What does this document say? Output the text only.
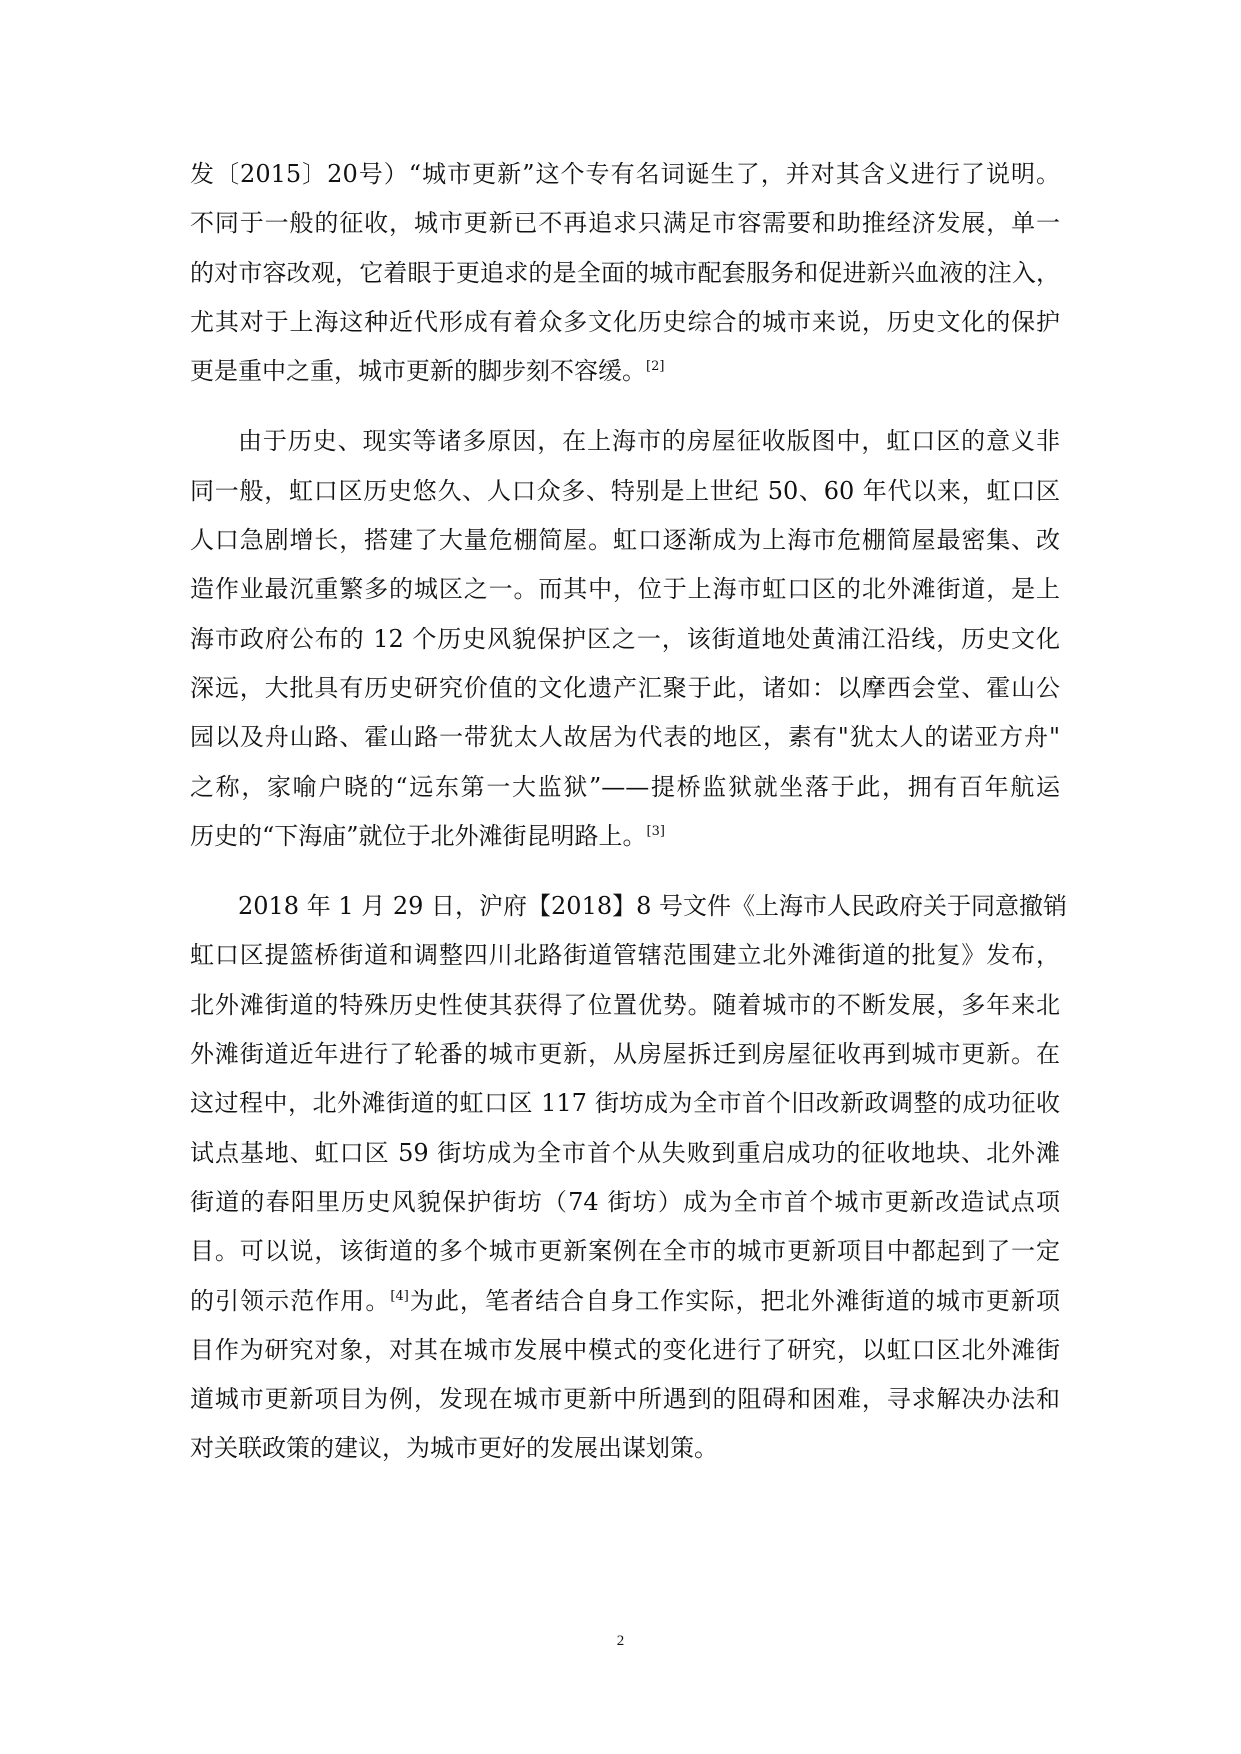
发〔2015〕20号）“城市更新”这个专有名词诞生了，并对其含义进行了说明。
不同于一般的征收，城市更新已不再追求只满足市容需要和助推经济发展，单一
的对市容改观，它着眼于更追求的是全面的城市配套服务和促进新兴血液的注入，
尤其对于上海这种近代形成有着众多文化历史综合的城市来说，历史文化的保护
更是重中之重，城市更新的脚步刻不容缓。[2]
由于历史、现实等诸多原因，在上海市的房屋征收版图中，虹口区的意义非
同一般，虹口区历史悠久、人口众多、特别是上世纪 50、60 年代以来，虹口区
人口急剧增长，搭建了大量危棚简屋。虹口逐渐成为上海市危棚简屋最密集、改
造作业最沉重繁多的城区之一。而其中，位于上海市虹口区的北外滩街道，是上
海市政府公布的 12 个历史风貌保护区之一，该街道地处黄浦江沿线，历史文化
深远，大批具有历史研究价值的文化遗产汇聚于此，诸如：以摩西会堂、霍山公
园以及舟山路、霍山路一带犹太人故居为代表的地区，素有"犹太人的诺亚方舟"
之称，家喻户晓的“远东第一大监狱”——提桥监狱就坐落于此，拥有百年航运
历史的“下海庙”就位于北外滩街昆明路上。[3]
2018 年 1 月 29 日，沪府【2018】8 号文件《上海市人民政府关于同意撤销
虹口区提篮桥街道和调整四川北路街道管辖范围建立北外滩街道的批复》发布，
北外滩街道的特殊历史性使其获得了位置优势。随着城市的不断发展，多年来北
外滩街道近年进行了轮番的城市更新，从房屋拆迁到房屋征收再到城市更新。在
这过程中，北外滩街道的虹口区 117 街坊成为全市首个旧改新政调整的成功征收
试点基地、虹口区 59 街坊成为全市首个从失败到重启成功的征收地块、北外滩
街道的春阳里历史风貌保护街坊（74 街坊）成为全市首个城市更新改造试点项
目。可以说，该街道的多个城市更新案例在全市的城市更新项目中都起到了一定
的引领示范作用。[4]为此，笔者结合自身工作实际，把北外滩街道的城市更新项
目作为研究对象，对其在城市发展中模式的变化进行了研究，以虹口区北外滩街
道城市更新项目为例，发现在城市更新中所遇到的阻碍和困难，寻求解决办法和
对关联政策的建议，为城市更好的发展出谋划策。
2
